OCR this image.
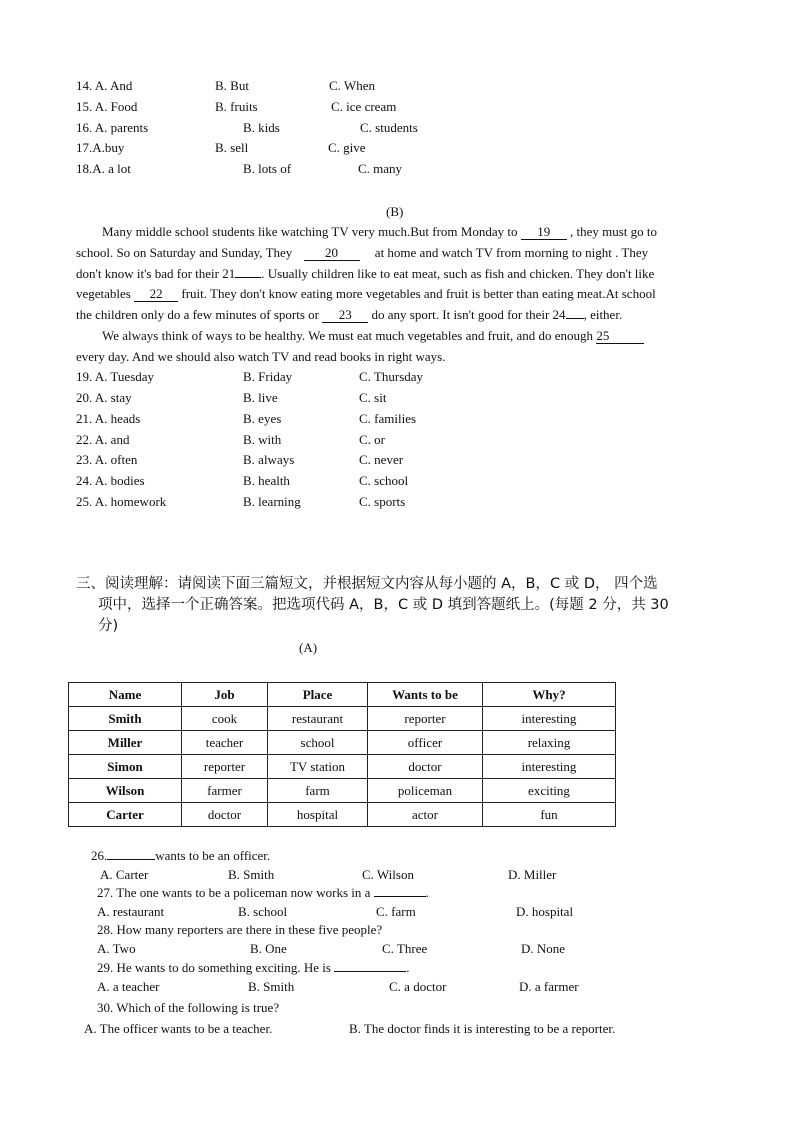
14. A. And	B. But	C. When
15. A. Food	B. fruits	C. ice cream
16. A. parents	B. kids	C. students
17.A.buy	B. sell	C. give
18.A. a lot	B. lots of	C. many
(B)
Many middle school students like watching TV very much.But from Monday to 19 , they must go to
school. So on Saturday and Sunday, They 20	at home and watch TV from morning to night . They
don't know it's bad for their 21 . Usually children like to eat meat, such as fish and chicken. They don't like
vegetables 22 fruit. They don't know eating more vegetables and fruit is better than eating meat.At school
the children only do a few minutes of sports or 23 do any sport. It isn't good for their 24 , either.
We always think of ways to be healthy. We must eat much vegetables and fruit, and do enough 25
every day. And we should also watch TV and read books in right ways.
19. A. Tuesday	B. Friday	C. Thursday
20. A. stay	B. live	C. sit
21. A. heads	B. eyes	C. families
22. A. and	B. with	C. or
23. A. often	B. always	C. never
24. A. bodies	B. health	C. school
25. A. homework	B. learning	C. sports
三、阅读理解：请阅读下面三篇短文，并根据短文内容从每小题的 A，B，C 或 D， 四个选
项中，选择一个正确答案。把选项代码 A，B，C 或 D 填到答题纸上。(每题 2 分，共 30
分)
(A)
Name	Job	Place	Wants to be	Why?
Smith	cook	restaurant	reporter	interesting
Miller	teacher	school	officer	relaxing
Simon	reporter	TV station	doctor	interesting
Wilson	farmer	farm	policeman	exciting
Carter	doctor	hospital	actor	fun
26.	wants to be an officer.
A. Carter	B. Smith	C. Wilson	D. Miller
27. The one wants to be a policeman now works in a	.
A. restaurant	B. school	C. farm	D. hospital
28. How many reporters are there in these five people?
A. Two	B. One	C. Three	D. None
29. He wants to do something exciting. He is	.
A. a teacher	B. Smith	C. a doctor	D. a farmer
30. Which of the following is true?
A. The officer wants to be a teacher.	B. The doctor finds it is interesting to be a reporter.
